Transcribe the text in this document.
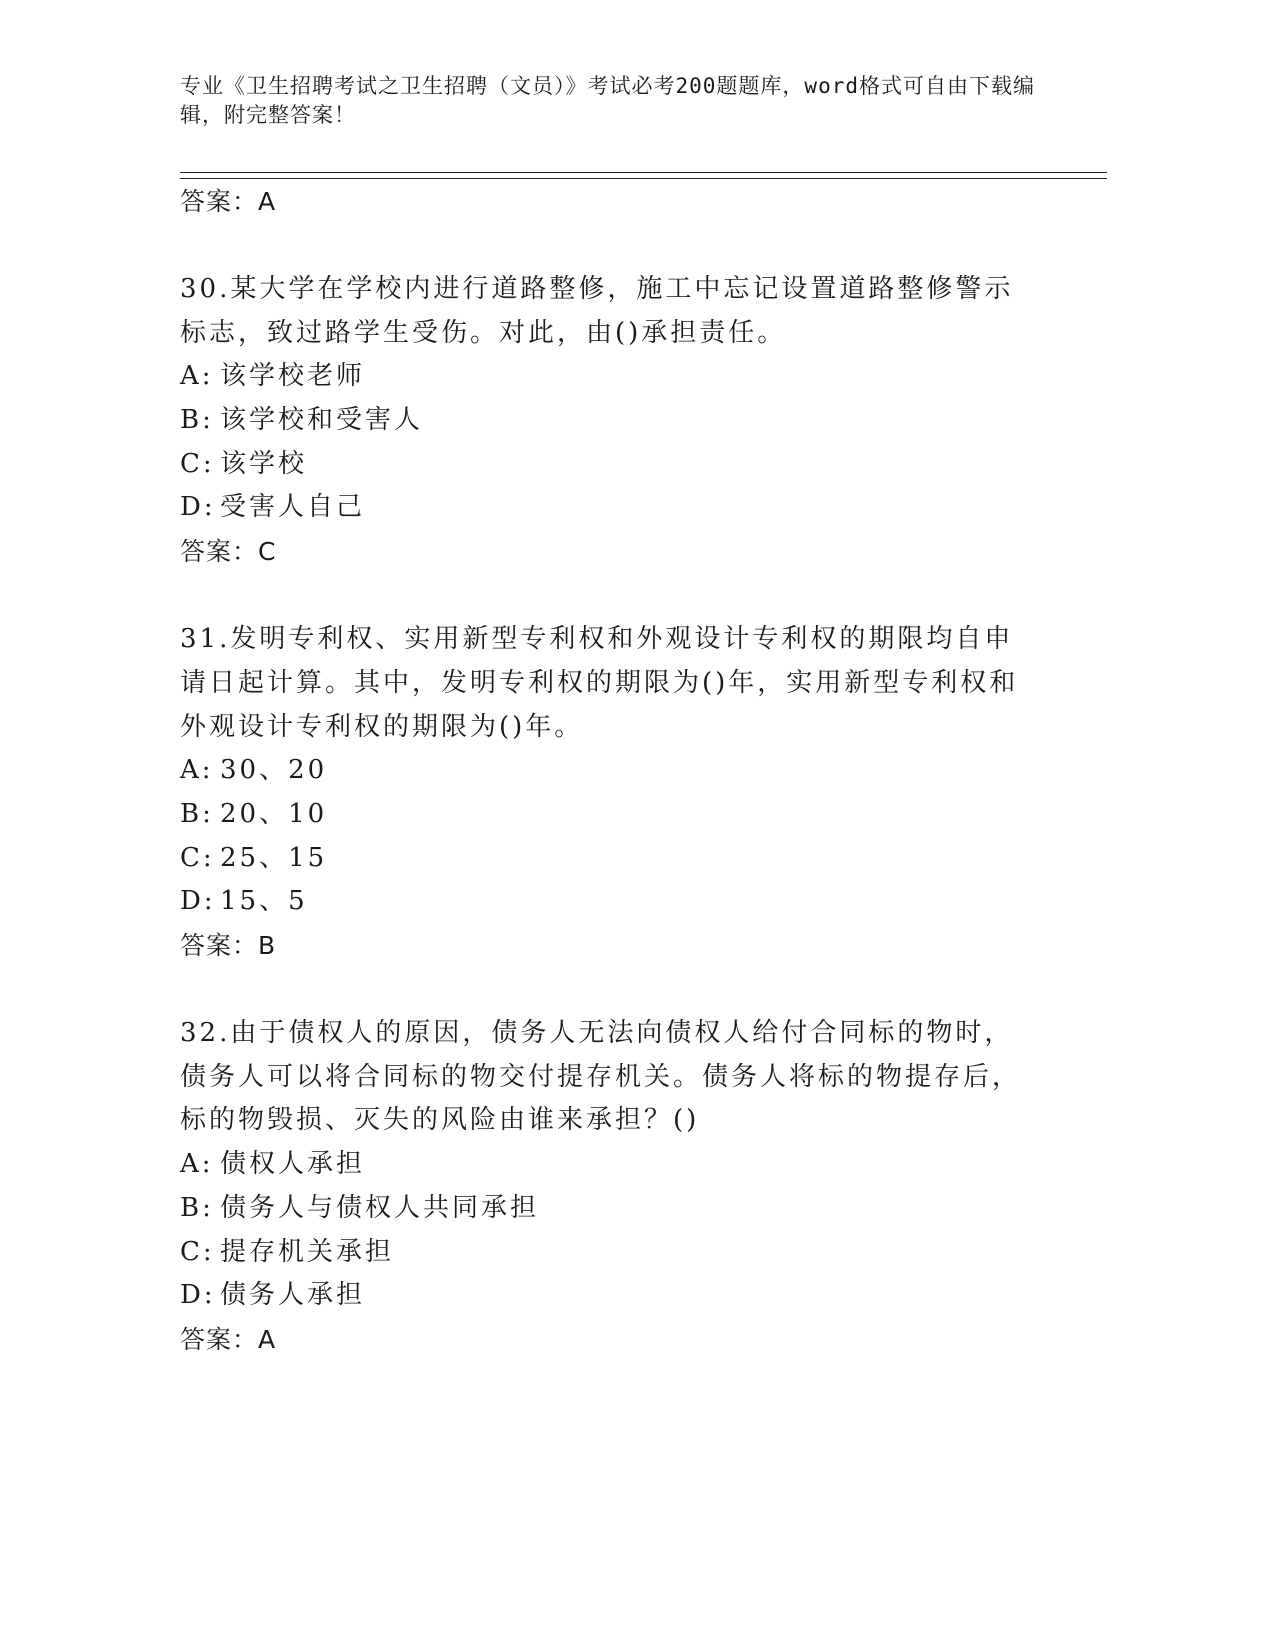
专业《卫生招聘考试之卫生招聘（文员）》考试必考200题题库，word格式可自由下载编辑，附完整答案！
答案：A
30.某大学在学校内进行道路整修，施工中忘记设置道路整修警示标志，致过路学生受伤。对此，由()承担责任。
A: 该学校老师
B: 该学校和受害人
C: 该学校
D: 受害人自己
答案：C
31.发明专利权、实用新型专利权和外观设计专利权的期限均自申请日起计算。其中，发明专利权的期限为()年，实用新型专利权和外观设计专利权的期限为()年。
A: 30、20
B: 20、10
C: 25、15
D: 15、5
答案：B
32.由于债权人的原因，债务人无法向债权人给付合同标的物时，债务人可以将合同标的物交付提存机关。债务人将标的物提存后，标的物毁损、灭失的风险由谁来承担？()
A: 债权人承担
B: 债务人与债权人共同承担
C: 提存机关承担
D: 债务人承担
答案：A
